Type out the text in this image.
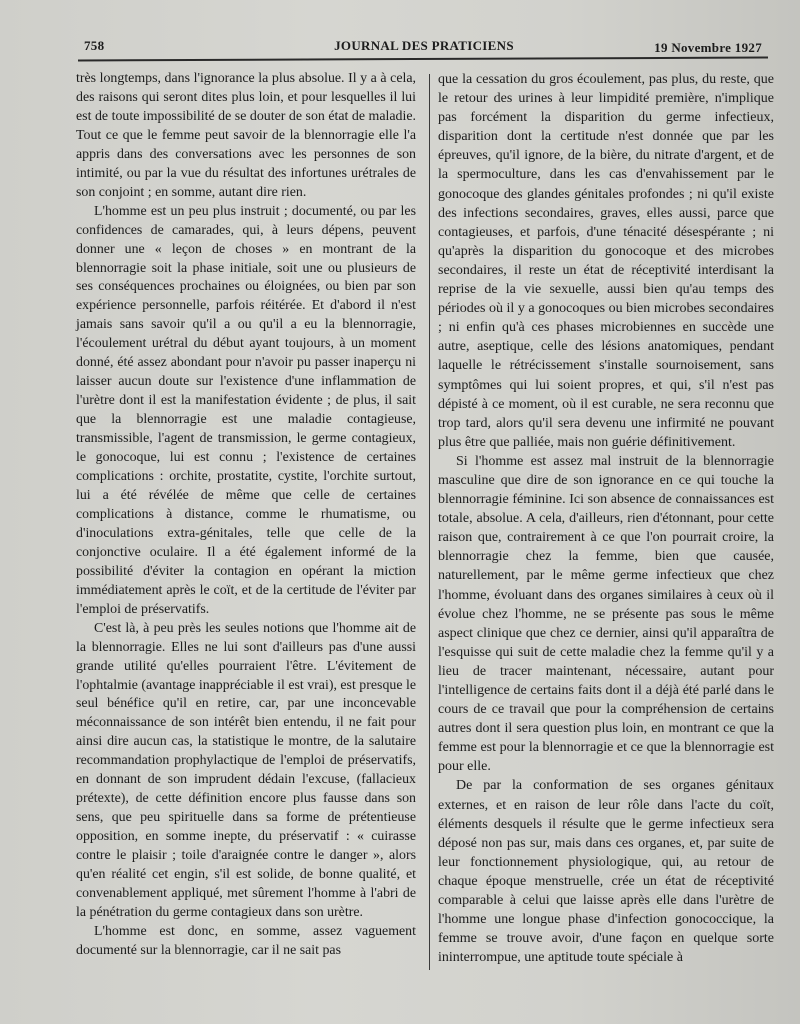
758	JOURNAL DES PRATICIENS	19 Novembre 1927

très longtemps, dans l'ignorance la plus absolue. Il y a à cela, des raisons qui seront dites plus loin, et pour lesquelles il lui est de toute impossibilité de se douter de son état de maladie. Tout ce que le femme peut savoir de la blennorragie elle l'a appris dans des conversations avec les personnes de son intimité, ou par la vue du résultat des infortunes urétrales de son conjoint ; en somme, autant dire rien.

L'homme est un peu plus instruit ; documenté, ou par les confidences de camarades, qui, à leurs dépens, peuvent donner une « leçon de choses » en montrant de la blennorragie soit la phase initiale, soit une ou plusieurs de ses conséquences prochaines ou éloignées, ou bien par son expérience personnelle, parfois réitérée. Et d'abord il n'est jamais sans savoir qu'il a ou qu'il a eu la blennorragie, l'écoulement urétral du début ayant toujours, à un moment donné, été assez abondant pour n'avoir pu passer inaperçu ni laisser aucun doute sur l'existence d'une inflammation de l'urètre dont il est la manifestation évidente ; de plus, il sait que la blennorragie est une maladie contagieuse, transmissible, l'agent de transmission, le germe contagieux, le gonocoque, lui est connu ; l'existence de certaines complications : orchite, prostatite, cystite, l'orchite surtout, lui a été révélée de même que celle de certaines complications à distance, comme le rhumatisme, ou d'inoculations extra-génitales, telle que celle de la conjonctive oculaire. Il a été également informé de la possibilité d'éviter la contagion en opérant la miction immédiatement après le coït, et de la certitude de l'éviter par l'emploi de préservatifs.

C'est là, à peu près les seules notions que l'homme ait de la blennorragie. Elles ne lui sont d'ailleurs pas d'une aussi grande utilité qu'elles pourraient l'être. L'évitement de l'ophtalmie (avantage inappréciable il est vrai), est presque le seul bénéfice qu'il en retire, car, par une inconcevable méconnaissance de son intérêt bien entendu, il ne fait pour ainsi dire aucun cas, la statistique le montre, de la salutaire recommandation prophylactique de l'emploi de préservatifs, en donnant de son imprudent dédain l'excuse, (fallacieux prétexte), de cette définition encore plus fausse dans son sens, que peu spirituelle dans sa forme de prétentieuse opposition, en somme inepte, du préservatif : « cuirasse contre le plaisir ; toile d'araignée contre le danger », alors qu'en réalité cet engin, s'il est solide, de bonne qualité, et convenablement appliqué, met sûrement l'homme à l'abri de la pénétration du germe contagieux dans son urètre.

L'homme est donc, en somme, assez vaguement documenté sur la blennorragie, car il ne sait pas

que la cessation du gros écoulement, pas plus, du reste, que le retour des urines à leur limpidité première, n'implique pas forcément la disparition du germe infectieux, disparition dont la certitude n'est donnée que par les épreuves, qu'il ignore, de la bière, du nitrate d'argent, et de la spermoculture, dans les cas d'envahissement par le gonocoque des glandes génitales profondes ; ni qu'il existe des infections secondaires, graves, elles aussi, parce que contagieuses, et parfois, d'une ténacité désespérante ; ni qu'après la disparition du gonocoque et des microbes secondaires, il reste un état de réceptivité interdisant la reprise de la vie sexuelle, aussi bien qu'au temps des périodes où il y a gonocoques ou bien microbes secondaires ; ni enfin qu'à ces phases microbiennes en succède une autre, aseptique, celle des lésions anatomiques, pendant laquelle le rétrécissement s'installe sournoisement, sans symptômes qui lui soient propres, et qui, s'il n'est pas dépisté à ce moment, où il est curable, ne sera reconnu que trop tard, alors qu'il sera devenu une infirmité ne pouvant plus être que palliée, mais non guérie définitivement.

Si l'homme est assez mal instruit de la blennorragie masculine que dire de son ignorance en ce qui touche la blennorragie féminine. Ici son absence de connaissances est totale, absolue. A cela, d'ailleurs, rien d'étonnant, pour cette raison que, contrairement à ce que l'on pourrait croire, la blennorragie chez la femme, bien que causée, naturellement, par le même germe infectieux que chez l'homme, évoluant dans des organes similaires à ceux où il évolue chez l'homme, ne se présente pas sous le même aspect clinique que chez ce dernier, ainsi qu'il apparaîtra de l'esquisse qui suit de cette maladie chez la femme qu'il y a lieu de tracer maintenant, nécessaire, autant pour l'intelligence de certains faits dont il a déjà été parlé dans le cours de ce travail que pour la compréhension de certains autres dont il sera question plus loin, en montrant ce que la femme est pour la blennorragie et ce que la blennorragie est pour elle.

De par la conformation de ses organes génitaux externes, et en raison de leur rôle dans l'acte du coït, éléments desquels il résulte que le germe infectieux sera déposé non pas sur, mais dans ces organes, et, par suite de leur fonctionnement physiologique, qui, au retour de chaque époque menstruelle, crée un état de réceptivité comparable à celui que laisse après elle dans l'urètre de l'homme une longue phase d'infection gonococcique, la femme se trouve avoir, d'une façon en quelque sorte ininterrompue, une aptitude toute spéciale à
